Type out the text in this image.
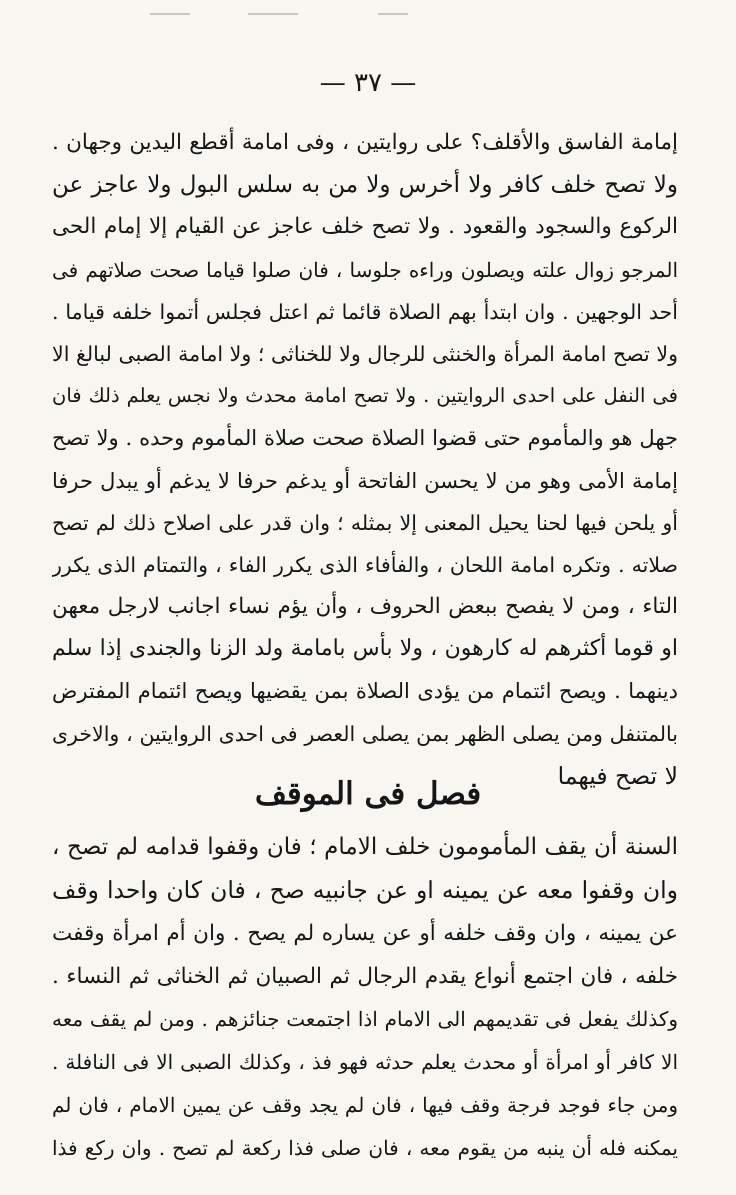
— ٣٧ —
إمامة الفاسق والأقلف؟ على روايتين ، وفى امامة أقطع اليدين وجهان .
ولا تصح خلف كافر ولا أخرس ولا من به سلس البول ولا عاجز عن
الركوع والسجود والقعود . ولا تصح خلف عاجز عن القيام إلا إمام الحى
المرجو زوال علته ويصلون وراءه جلوسا ، فان صلوا قياما صحت صلاتهم فى
أحد الوجهين . وان ابتدأ بهم الصلاة قائما ثم اعتل فجلس أتموا خلفه قياما .
ولا تصح امامة المرأة والخنثى للرجال ولا للخناثى ؛ ولا امامة الصبى لبالغ الا
فى النفل على احدى الروايتين . ولا تصح امامة محدث ولا نجس يعلم ذلك فان
جهل هو والمأموم حتى قضوا الصلاة صحت صلاة المأموم وحده . ولا تصح
إمامة الأمى وهو من لا يحسن الفاتحة أو يدغم حرفا لا يدغم أو يبدل حرفا
أو يلحن فيها لحنا يحيل المعنى إلا بمثله ؛ وان قدر على اصلاح ذلك لم تصح
صلاته . وتكره امامة اللحان ، والفأفاء الذى يكرر الفاء ، والتمتام الذى يكرر
التاء ، ومن لا يفصح ببعض الحروف ، وأن يؤم نساء اجانب لارجل معهن
او قوما أكثرهم له كارهون ، ولا بأس بامامة ولد الزنا والجندى إذا سلم
دينهما . ويصح ائتمام من يؤدى الصلاة بمن يقضيها ويصح ائتمام المفترض
بالمتنفل ومن يصلى الظهر بمن يصلى العصر فى احدى الروايتين ، والاخرى
لا تصح فيهما
فصل فى الموقف
السنة أن يقف المأمومون خلف الامام ؛ فان وقفوا قدامه لم تصح ،
وان وقفوا معه عن يمينه او عن جانبيه صح ، فان كان واحدا وقف
عن يمينه ، وان وقف خلفه أو عن يساره لم يصح . وان أم امرأة وقفت
خلفه ، فان اجتمع أنواع يقدم الرجال ثم الصبيان ثم الخناثى ثم النساء .
وكذلك يفعل فى تقديمهم الى الامام اذا اجتمعت جنائزهم . ومن لم يقف معه
الا كافر أو امرأة أو محدث يعلم حدثه فهو فذ ، وكذلك الصبى الا فى النافلة .
ومن جاء فوجد فرجة وقف فيها ، فان لم يجد وقف عن يمين الامام ، فان لم
يمكنه فله أن ينبه من يقوم معه ، فان صلى فذا ركعة لم تصح . وان ركع فذا
